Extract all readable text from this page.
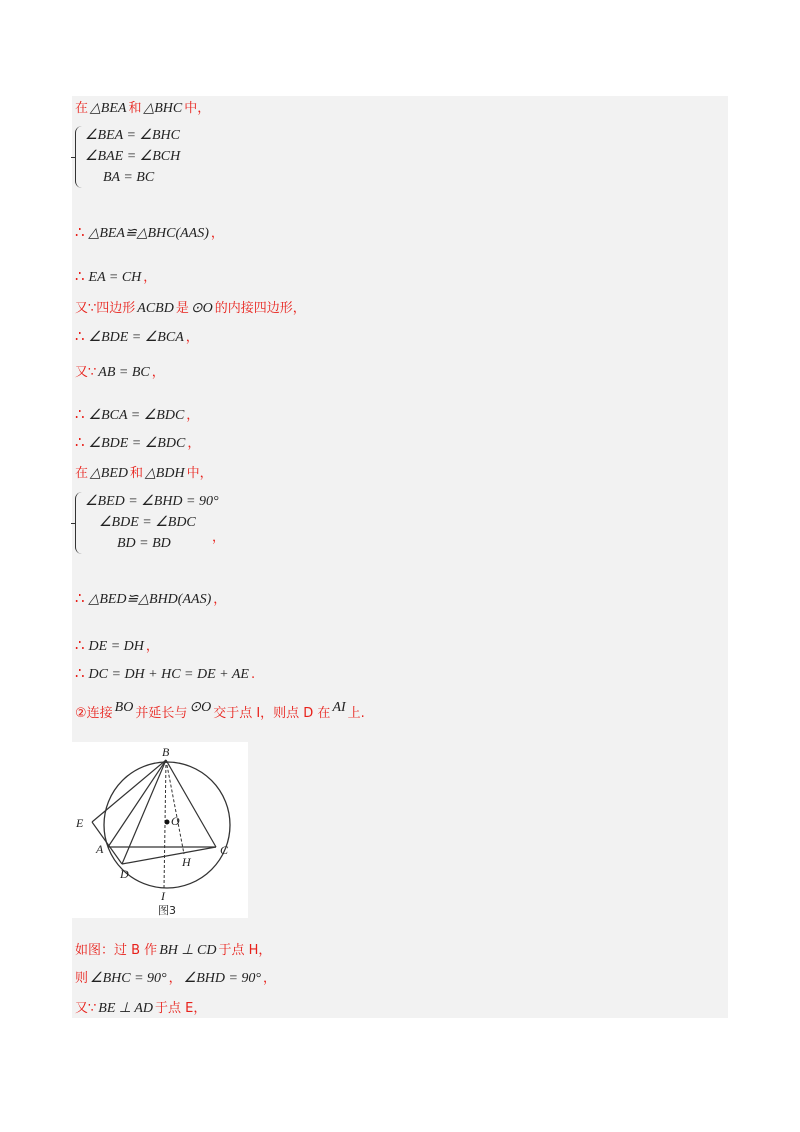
在 △BEA 和 △BHC 中，
∠BEA = ∠BHC
∠BAE = ∠BCH
BA = BC
∴ △BEA≌△BHC(AAS) ，
∴ EA = CH ，
又∵四边形 ACBD 是 ⊙O 的内接四边形，
∴ ∠BDE = ∠BCA ，
又∵ AB = BC ，
∴ ∠BCA = ∠BDC ，
∴ ∠BDE = ∠BDC ，
在 △BED 和 △BDH 中，
∠BED = ∠BHD = 90°
∠BDE = ∠BDC
BD = BD	，
∴ △BED≌△BHD(AAS) ，
∴ DE = DH ，
∴ DC = DH + HC = DE + AE .
②连接 BO 并延长与 ⊙O 交于点 I，则点 D 在 AI 上.
B
O
E
A	C
H
D
I
图3
如图：过 B 作 BH ⊥ CD 于点 H，
则 ∠BHC = 90° ， ∠BHD = 90° ，
又∵ BE ⊥ AD 于点 E，
